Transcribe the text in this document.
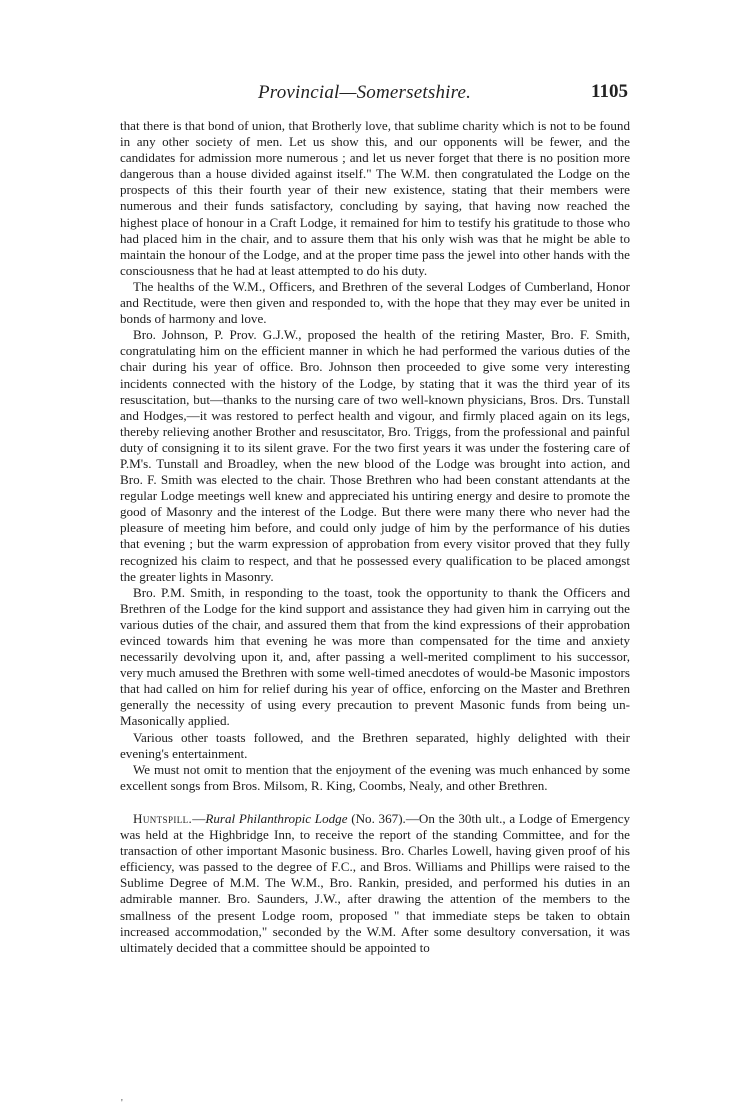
Provincial—Somersetshire.	1105

that there is that bond of union, that Brotherly love, that sublime charity which is not to be found in any other society of men. Let us show this, and our opponents will be fewer, and the candidates for admission more numerous ; and let us never forget that there is no position more dangerous than a house divided against itself." The W.M. then congratulated the Lodge on the prospects of this their fourth year of their new existence, stating that their members were numerous and their funds satisfactory, concluding by saying, that having now reached the highest place of honour in a Craft Lodge, it remained for him to testify his gratitude to those who had placed him in the chair, and to assure them that his only wish was that he might be able to maintain the honour of the Lodge, and at the proper time pass the jewel into other hands with the consciousness that he had at least attempted to do his duty.

The healths of the W.M., Officers, and Brethren of the several Lodges of Cumberland, Honor and Rectitude, were then given and responded to, with the hope that they may ever be united in bonds of harmony and love.

Bro. Johnson, P. Prov. G.J.W., proposed the health of the retiring Master, Bro. F. Smith, congratulating him on the efficient manner in which he had performed the various duties of the chair during his year of office. Bro. Johnson then proceeded to give some very interesting incidents connected with the history of the Lodge, by stating that it was the third year of its resuscitation, but—thanks to the nursing care of two well-known physicians, Bros. Drs. Tunstall and Hodges,—it was restored to perfect health and vigour, and firmly placed again on its legs, thereby relieving another Brother and resuscitator, Bro. Triggs, from the professional and painful duty of consigning it to its silent grave. For the two first years it was under the fostering care of P.M's. Tunstall and Broadley, when the new blood of the Lodge was brought into action, and Bro. F. Smith was elected to the chair. Those Brethren who had been constant attendants at the regular Lodge meetings well knew and appreciated his untiring energy and desire to promote the good of Masonry and the interest of the Lodge. But there were many there who never had the pleasure of meeting him before, and could only judge of him by the performance of his duties that evening ; but the warm expression of approbation from every visitor proved that they fully recognized his claim to respect, and that he possessed every qualification to be placed amongst the greater lights in Masonry.

Bro. P.M. Smith, in responding to the toast, took the opportunity to thank the Officers and Brethren of the Lodge for the kind support and assistance they had given him in carrying out the various duties of the chair, and assured them that from the kind expressions of their approbation evinced towards him that evening he was more than compensated for the time and anxiety necessarily devolving upon it, and, after passing a well-merited compliment to his successor, very much amused the Brethren with some well-timed anecdotes of would-be Masonic impostors that had called on him for relief during his year of office, enforcing on the Master and Brethren generally the necessity of using every precaution to prevent Masonic funds from being un-Masonically applied.

Various other toasts followed, and the Brethren separated, highly delighted with their evening's entertainment.

We must not omit to mention that the enjoyment of the evening was much enhanced by some excellent songs from Bros. Milsom, R. King, Coombs, Nealy, and other Brethren.

Huntspill.—Rural Philanthropic Lodge (No. 367).—On the 30th ult., a Lodge of Emergency was held at the Highbridge Inn, to receive the report of the standing Committee, and for the transaction of other important Masonic business. Bro. Charles Lowell, having given proof of his efficiency, was passed to the degree of F.C., and Bros. Williams and Phillips were raised to the Sublime Degree of M.M. The W.M., Bro. Rankin, presided, and performed his duties in an admirable manner. Bro. Saunders, J.W., after drawing the attention of the members to the smallness of the present Lodge room, proposed " that immediate steps be taken to obtain increased accommodation," seconded by the W.M. After some desultory conversation, it was ultimately decided that a committee should be appointed to

'
